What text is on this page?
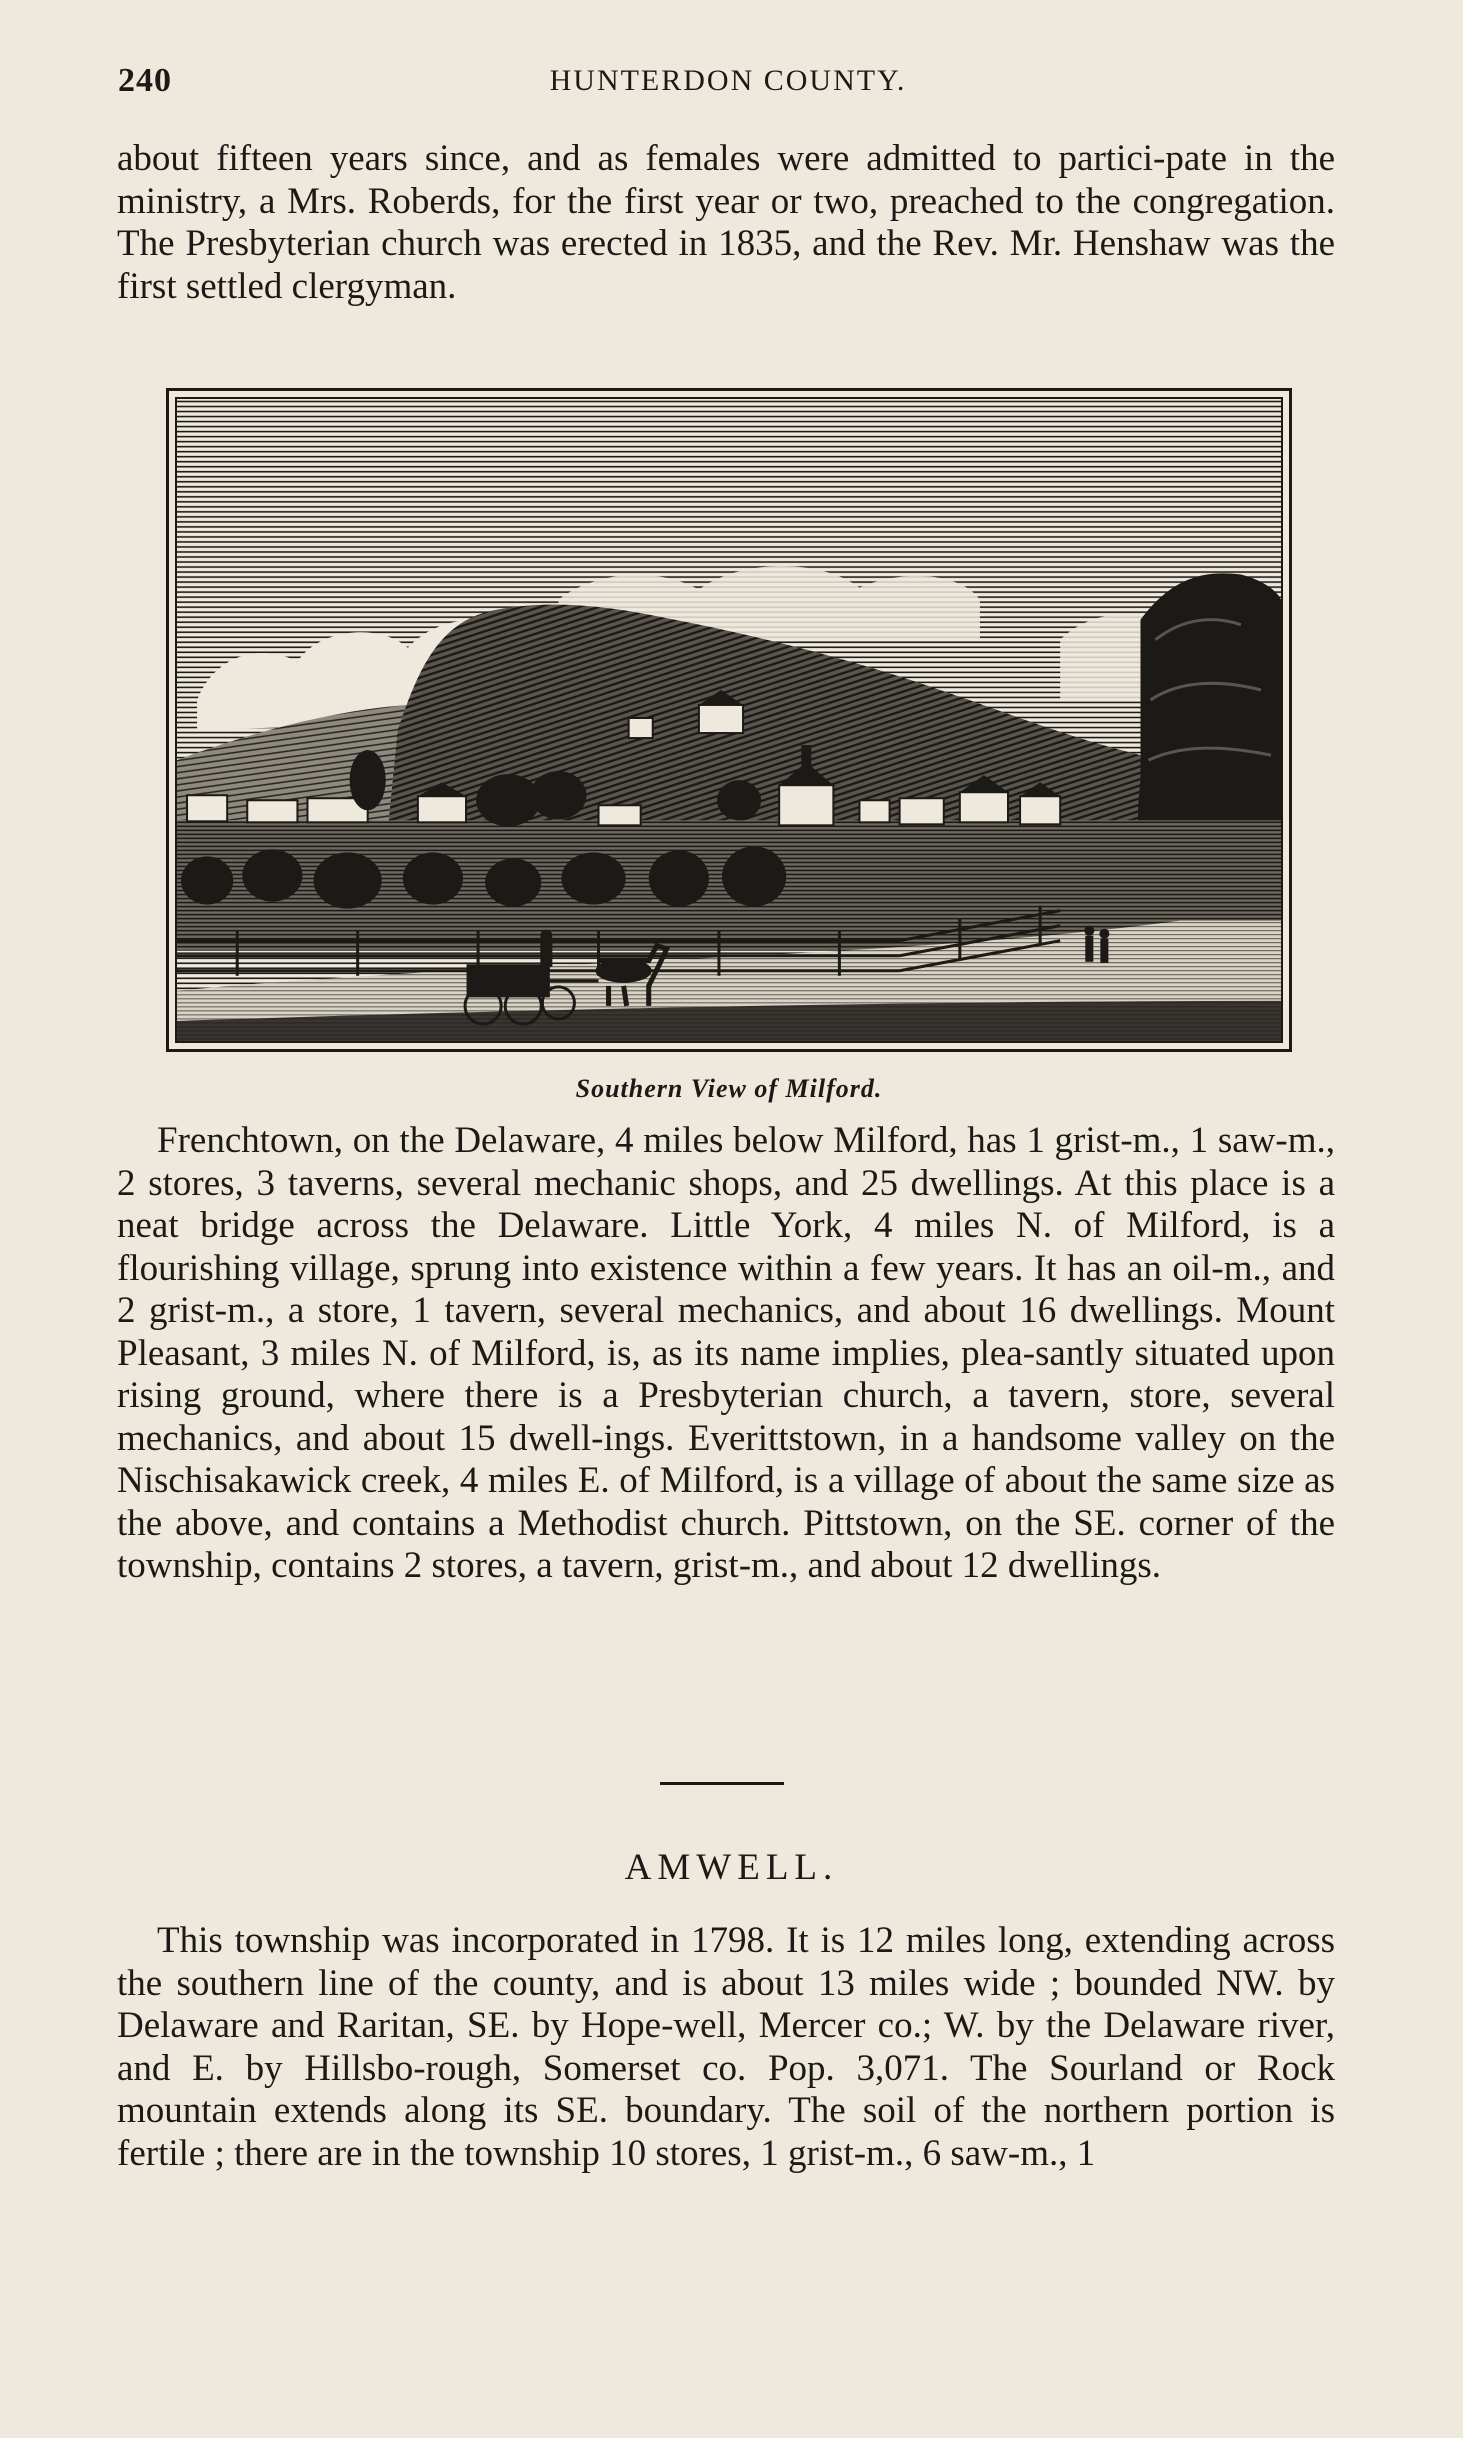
240	HUNTERDON COUNTY.

about fifteen years since, and as females were admitted to partici-pate in the ministry, a Mrs. Roberds, for the first year or two, preached to the congregation. The Presbyterian church was erected in 1835, and the Rev. Mr. Henshaw was the first settled clergyman.

Southern View of Milford.

Frenchtown, on the Delaware, 4 miles below Milford, has 1 grist-m., 1 saw-m., 2 stores, 3 taverns, several mechanic shops, and 25 dwellings. At this place is a neat bridge across the Delaware. Little York, 4 miles N. of Milford, is a flourishing village, sprung into existence within a few years. It has an oil-m., and 2 grist-m., a store, 1 tavern, several mechanics, and about 16 dwellings. Mount Pleasant, 3 miles N. of Milford, is, as its name implies, plea-santly situated upon rising ground, where there is a Presbyterian church, a tavern, store, several mechanics, and about 15 dwell-ings. Everittstown, in a handsome valley on the Nischisakawick creek, 4 miles E. of Milford, is a village of about the same size as the above, and contains a Methodist church. Pittstown, on the SE. corner of the township, contains 2 stores, a tavern, grist-m., and about 12 dwellings.

AMWELL.

This township was incorporated in 1798. It is 12 miles long, extending across the southern line of the county, and is about 13 miles wide ; bounded NW. by Delaware and Raritan, SE. by Hope-well, Mercer co.; W. by the Delaware river, and E. by Hillsbo-rough, Somerset co. Pop. 3,071. The Sourland or Rock mountain extends along its SE. boundary. The soil of the northern portion is fertile ; there are in the township 10 stores, 1 grist-m., 6 saw-m., 1
